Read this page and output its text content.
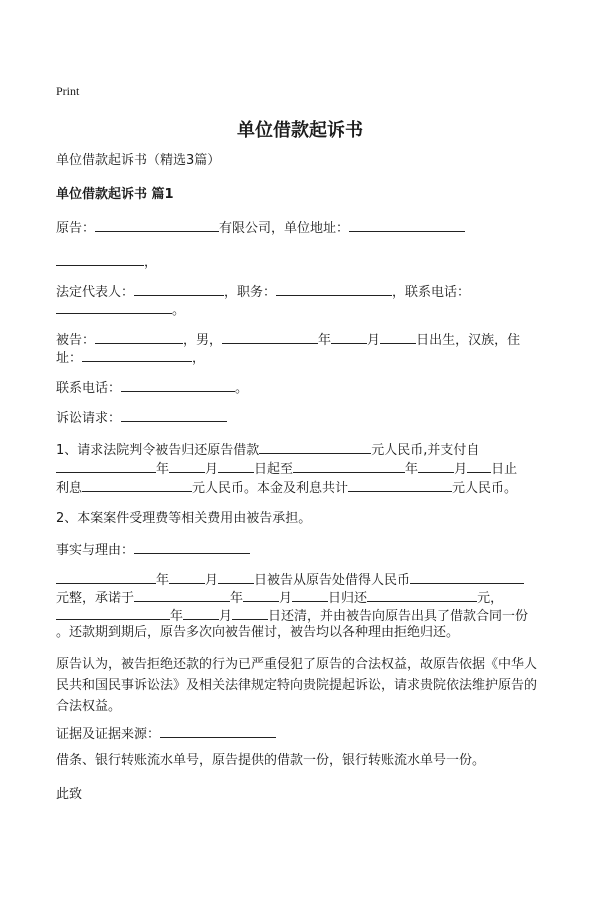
Print
单位借款起诉书
单位借款起诉书（精选3篇）
单位借款起诉书 篇1
原告：	有限公司，单位地址：
，
法定代表人：	，职务：	，联系电话：
。
被告：	，男，	年	月	日出生，汉族，住
址：	，
联系电话：	。
诉讼请求：
1、请求法院判令被告归还原告借款	元人民币,并支付自
年	月	日起至	年	月 日止
利息	元人民币。本金及利息共计	元人民币。
2、本案案件受理费等相关费用由被告承担。
事实与理由：
年	月	日被告从原告处借得人民币
元整，承诺于	年	月	日归还	元，
年	月	日还清，并由被告向原告出具了借款合同一份
。还款期到期后，原告多次向被告催讨，被告均以各种理由拒绝归还。
原告认为，被告拒绝还款的行为已严重侵犯了原告的合法权益，故原告依据《中华人民共和国民事诉讼法》及相关法律规定特向贵院提起诉讼，请求贵院依法维护原告的合法权益。
证据及证据来源：
借条、银行转账流水单号，原告提供的借款一份，银行转账流水单号一份。
此致
